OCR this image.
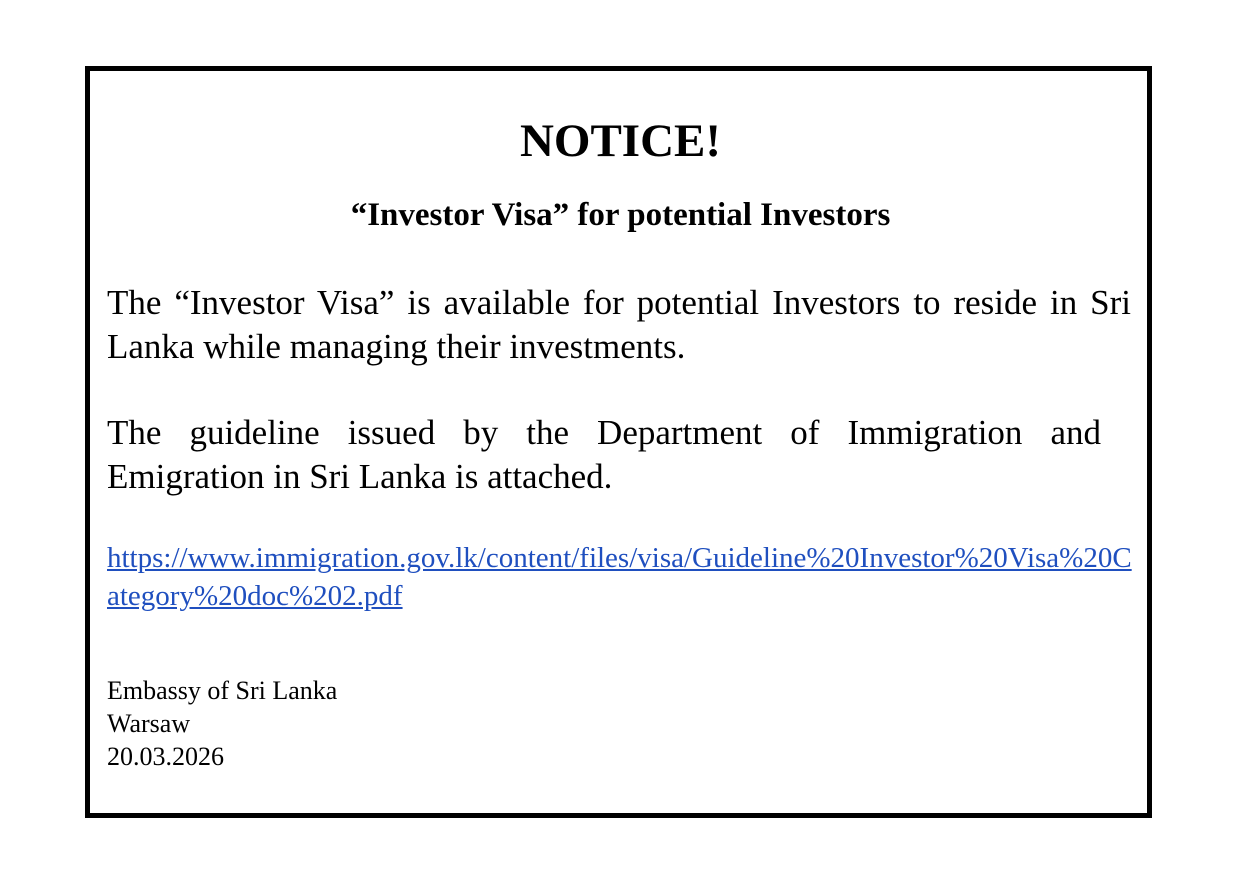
NOTICE!
“Investor Visa” for potential Investors

The “Investor Visa” is available for potential Investors to reside in Sri Lanka while managing their investments.

The guideline issued by the Department of Immigration and Emigration in Sri Lanka is attached.

https://www.immigration.gov.lk/content/files/visa/Guideline%20Investor%20Visa%20Category%20doc%202.pdf
Embassy of Sri Lanka
Warsaw
20.03.2026
